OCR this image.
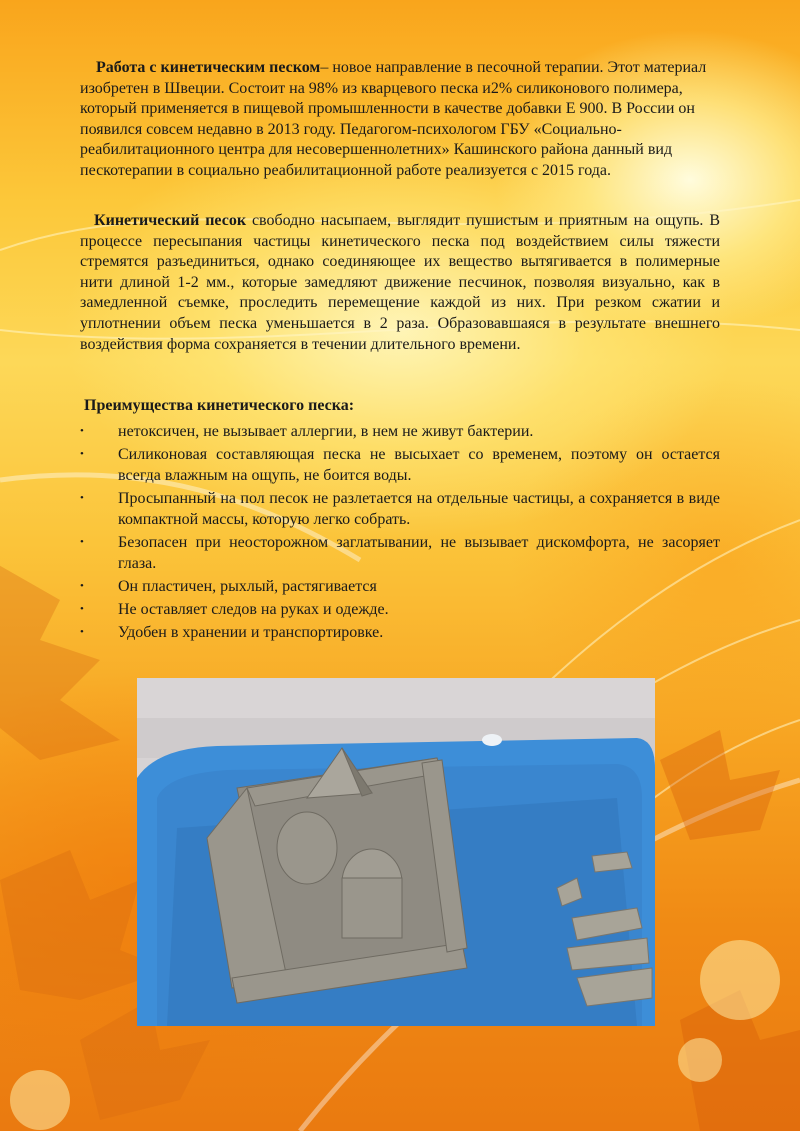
Работа с кинетическим песком– новое направление в песочной терапии. Этот материал изобретен в Швеции. Состоит на 98% из кварцевого песка и2% силиконового полимера, который применяется в пищевой промышленности в качестве добавки Е 900. В России он появился совсем недавно в 2013 году. Педагогом-психологом ГБУ «Социально-реабилитационного центра для несовершеннолетних» Кашинского района данный вид пескотерапии в социально реабилитационной работе реализуется с 2015 года.
Кинетический песок свободно насыпаем, выглядит пушистым и приятным на ощупь. В процессе пересыпания частицы кинетического песка под воздействием силы тяжести стремятся разъединиться, однако соединяющее их вещество вытягивается в полимерные нити длиной 1-2 мм., которые замедляют движение песчинок, позволяя визуально, как в замедленной съемке, проследить перемещение каждой из них. При резком сжатии и уплотнении объем песка уменьшается в 2 раза. Образовавшаяся в результате внешнего воздействия форма сохраняется в течении длительного времени.
Преимущества кинетического песка:
• нетоксичен, не вызывает аллергии, в нем не живут бактерии.
• Силиконовая составляющая песка не высыхает со временем, поэтому он остается всегда влажным на ощупь, не боится воды.
• Просыпанный на пол песок не разлетается на отдельные частицы, а сохраняется в виде компактной массы, которую легко собрать.
• Безопасен при неосторожном заглатывании, не вызывает дискомфорта, не засоряет глаза.
• Он пластичен, рыхлый, растягивается
• Не оставляет следов на руках и одежде.
• Удобен в хранении и транспортировке.
